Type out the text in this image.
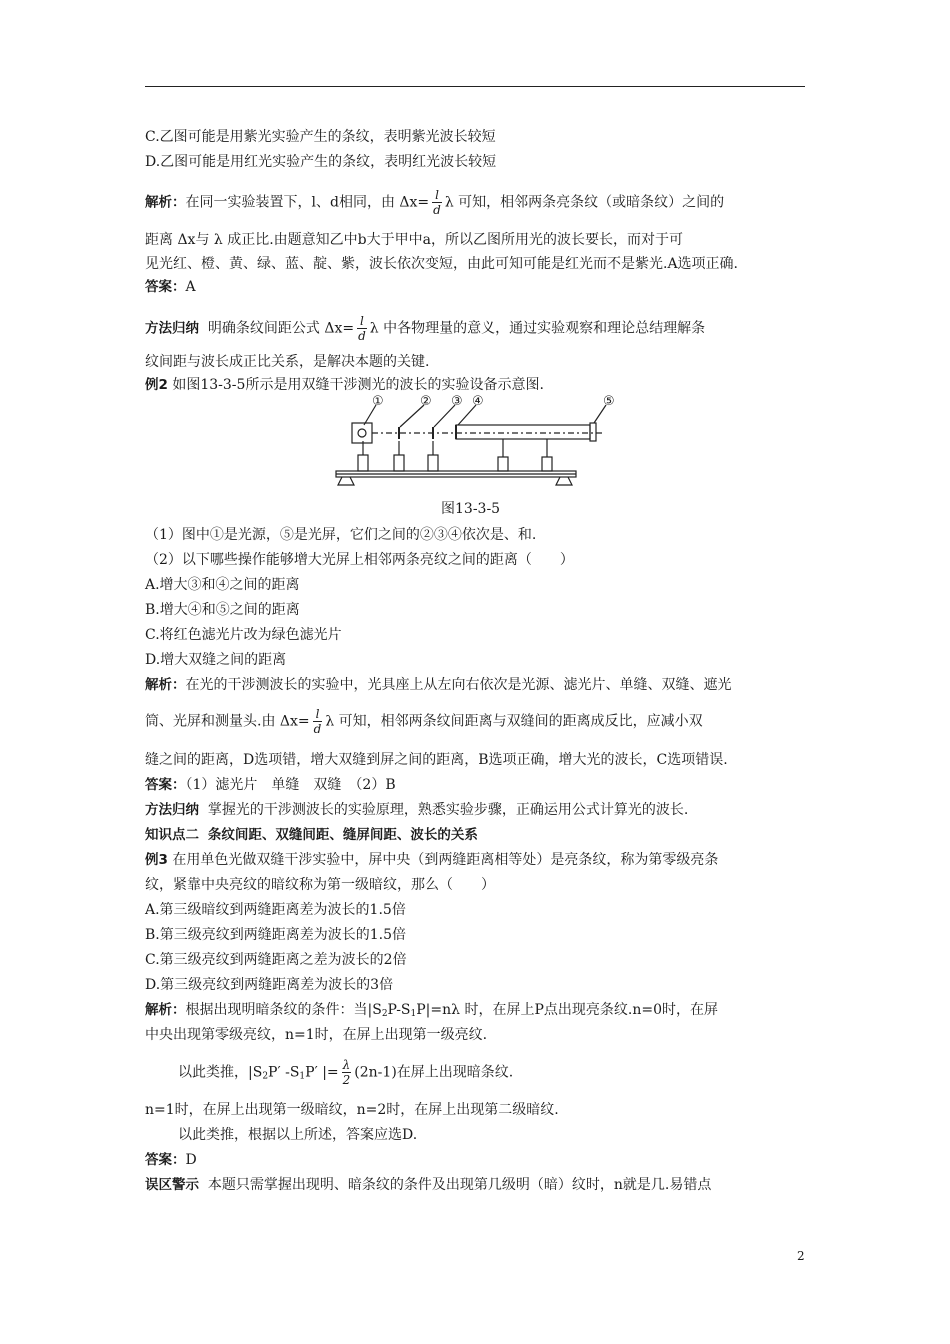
C.乙图可能是用紫光实验产生的条纹，表明紫光波长较短
D.乙图可能是用红光实验产生的条纹，表明红光波长较短
解析：在同一实验装置下，l、d相同，由 $\Delta x= \frac{l}{d}$ λ 可知，相邻两条亮条纹（或暗条纹）之间的
距离 Δx与 λ 成正比.由题意知乙中b大于甲中a，所以乙图所用光的波长要长，而对于可
见光红、橙、黄、绿、蓝、靛、紫，波长依次变短，由此可知可能是红光而不是紫光.A选项正确.
答案：A
方法归纳 明确条纹间距公式 $\Delta x= \frac{l}{d}$ λ 中各物理量的意义，通过实验观察和理论总结理解条
纹间距与波长成正比关系，是解决本题的关键.
例2 如图13-3-5所示是用双缝干涉测光的波长的实验设备示意图.
①	② ③ ④	⑤
图13-3-5
（1）图中①是光源，⑤是光屏，它们之间的②③④依次是、和.
（2）以下哪些操作能够增大光屏上相邻两条亮纹之间的距离（　　）
A.增大③和④之间的距离
B.增大④和⑤之间的距离
C.将红色滤光片改为绿色滤光片
D.增大双缝之间的距离
解析：在光的干涉测波长的实验中，光具座上从左向右依次是光源、滤光片、单缝、双缝、遮光
筒、光屏和测量头.由 $\Delta x= \frac{l}{d}$ λ 可知，相邻两条纹间距离与双缝间的距离成反比，应减小双
缝之间的距离，D选项错，增大双缝到屏之间的距离，B选项正确，增大光的波长，C选项错误.
答案：（1）滤光片　单缝　双缝　（2）B
方法归纳 掌握光的干涉测波长的实验原理，熟悉实验步骤，正确运用公式计算光的波长.
知识点二 条纹间距、双缝间距、缝屏间距、波长的关系
例3 在用单色光做双缝干涉实验中，屏中央（到两缝距离相等处）是亮条纹，称为第零级亮条
纹，紧靠中央亮纹的暗纹称为第一级暗纹，那么（　　）
A.第三级暗纹到两缝距离差为波长的1.5倍
B.第三级亮纹到两缝距离差为波长的1.5倍
C.第三级亮纹到两缝距离之差为波长的2倍
D.第三级亮纹到两缝距离差为波长的3倍
解析：根据出现明暗条纹的条件：当$|S_2P-S_1P|=n\lambda$ 时，在屏上P点出现亮条纹.n=0时，在屏
中央出现第零级亮纹，n=1时，在屏上出现第一级亮纹.
以此类推，$|S_2P'$ $-S_1P'$ |= $\frac{\lambda}{2} (2n-1)$在屏上出现暗条纹.
n=1时，在屏上出现第一级暗纹，n=2时，在屏上出现第二级暗纹.
以此类推，根据以上所述，答案应选D.
答案：D
误区警示 本题只需掌握出现明、暗条纹的条件及出现第几级明（暗）纹时，n就是几.易错点
2
